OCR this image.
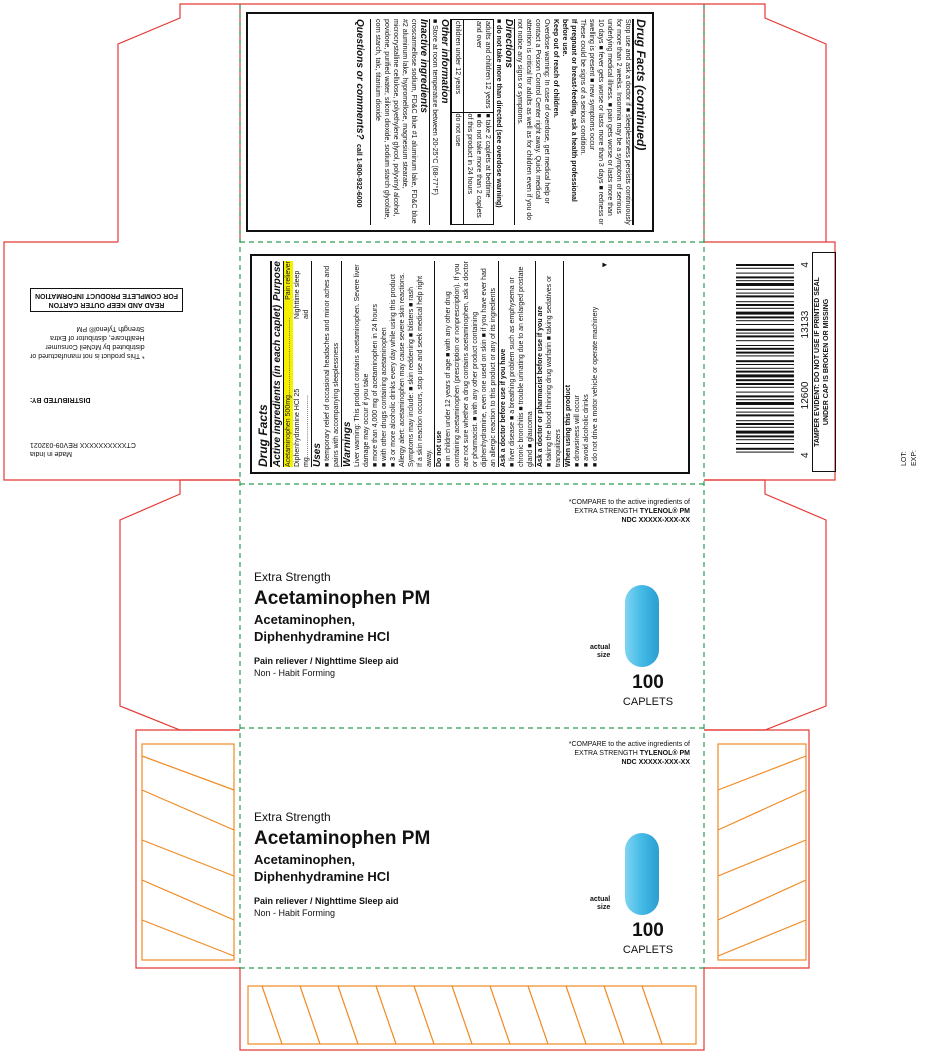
Drug Facts (continued)
Stop use and ask a doctor if ■ sleeplessness persists continuously for more than 2 weeks. Insomnia may be a symptom of serious underlying medical illness. ■ pain gets worse or lasts more than 10 days ■ fever gets worse or lasts more than 3 days ■ redness or swelling is present ■ new symptoms occur
These could be signs of a serious condition.
If pregnant or breast-feeding, ask a health professional before use.
Keep out of reach of children.
Overdose warning: In case of overdose, get medical help or contact a Poison Control Center right away. Quick medical attention is critical for adults as well as for children even if you do not notice any signs or symptoms.
Directions
■ do not take more than directed (see overdose warning)
adults and children 12 years and over
■ take 2 caplets at bedtime
■ do not take more than 2 caplets of this product in 24 hours
children under 12 years
do not use
Other information
■ Store at room temperature between 20-25°C (68-77°F)
Inactive ingredients
croscarmellose sodium, FD&C blue #1 aluminum lake, FD&C blue #2 aluminum lake, hypromellose, magnesium stearate, microcrystalline cellulose, polyethylene glycol, polyvinyl alcohol, povidone, purified water, silicon dioxide, sodium starch glycolate, corn starch, talc, titanium dioxide
Questions or comments? call 1-800-932-6000
Drug Facts Active ingredients (in each caplet)
Purpose
Acetaminophen 500mg........................................
Pain reliever
Diphenhydramine HCl 25 mg................................
Nighttime sleep aid
Uses ■ temporary relief of occasional headaches and minor aches and pains with accompanying sleeplessness Warnings Liver warning: This product contains acetaminophen. Severe liver damage may occur if you take ■ more than 4,000 mg of acetaminophen in 24 hours ■ with other drugs containing acetaminophen ■ 3 or more alcoholic drinks every day while using this product Allergy alert: acetaminophen may cause severe skin reactions. Symptoms may include: ■ skin reddening ■ blisters ■ rash If a skin reaction occurs, stop use and seek medical help right away. Do not use ■ in children under 12 years of age ■ with any other drug containing acetaminophen (prescription or nonprescription). If you are not sure whether a drug contains acetaminophen, ask a doctor or pharmacist. ■ with any other product containing diphenhydramine, even one used on skin ■ if you have ever had an allergic reaction to this product or any of its ingredients Ask a doctor before use if you have ■ liver disease ■ a breathing problem such as emphysema or chronic bronchitis ■ trouble urinating due to an enlarged prostate gland ■ glaucoma Ask a doctor or pharmacist before use if you are ■ taking the blood thinning drug warfarin ■ taking sedatives or tranquilizers When using this product ■ drowsiness will occur ■ avoid alcoholic drinks ■ do not drive a motor vehicle or operate machinery
▼
Made in India
CTXXXXXXXXXX REV09-032021
DISTRIBUTED BY:
* This product is not manufactured or
distributed by McNeil Consumer
Healthcare, distributor of Extra
Strength Tylenol® PM
READ AND KEEP OUTER CARTON
FOR COMPLETE PRODUCT INFORMATION
4
12600
13133
4
TAMPER EVIDENT: DO NOT USE IF PRINTED SEAL UNDER CAP IS BROKEN OR MISSING
LOT: EXP:
*COMPARE to the active ingredients of
EXTRA STRENGTH TYLENOL® PM
NDC XXXXX-XXX-XX
Extra Strength
Acetaminophen PM
Acetaminophen,
Diphenhydramine HCl
Pain reliever / Nighttime Sleep aid
Non - Habit Forming
actual
size
100
CAPLETS
*COMPARE to the active ingredients of
EXTRA STRENGTH TYLENOL® PM
NDC XXXXX-XXX-XX
Extra Strength
Acetaminophen PM
Acetaminophen,
Diphenhydramine HCl
Pain reliever / Nighttime Sleep aid
Non - Habit Forming
actual
size
100
CAPLETS
